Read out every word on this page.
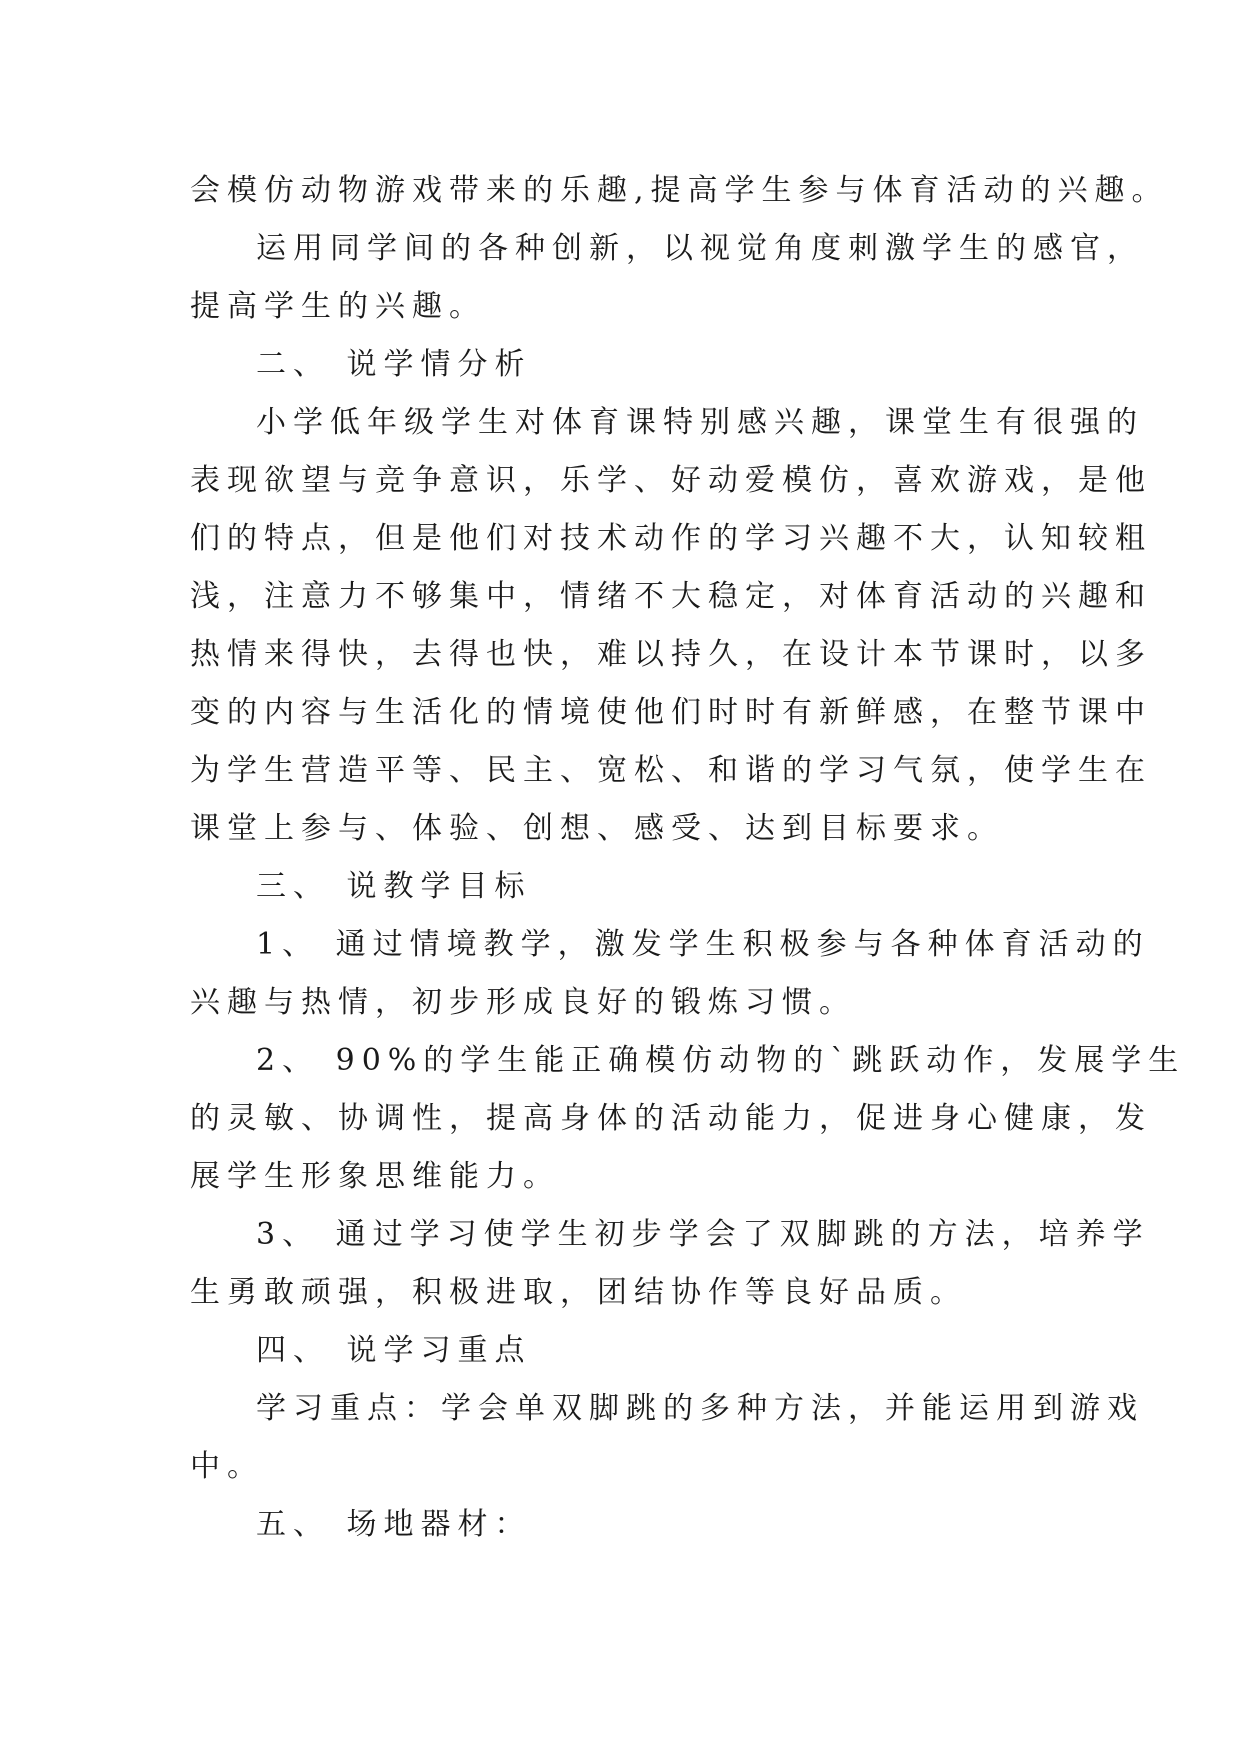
会模仿动物游戏带来的乐趣,提高学生参与体育活动的兴趣。
运用同学间的各种创新，以视觉角度刺激学生的感官，
提高学生的兴趣。
二、 说学情分析
小学低年级学生对体育课特别感兴趣，课堂生有很强的
表现欲望与竞争意识，乐学、好动爱模仿，喜欢游戏，是他
们的特点，但是他们对技术动作的学习兴趣不大，认知较粗
浅，注意力不够集中，情绪不大稳定，对体育活动的兴趣和
热情来得快，去得也快，难以持久，在设计本节课时，以多
变的内容与生活化的情境使他们时时有新鲜感，在整节课中
为学生营造平等、民主、宽松、和谐的学习气氛，使学生在
课堂上参与、体验、创想、感受、达到目标要求。
三、 说教学目标
1、 通过情境教学，激发学生积极参与各种体育活动的
兴趣与热情，初步形成良好的锻炼习惯。
2、 90%的学生能正确模仿动物的`跳跃动作，发展学生
的灵敏、协调性，提高身体的活动能力，促进身心健康，发
展学生形象思维能力。
3、 通过学习使学生初步学会了双脚跳的方法，培养学
生勇敢顽强，积极进取，团结协作等良好品质。
四、 说学习重点
学习重点：学会单双脚跳的多种方法，并能运用到游戏
中。
五、 场地器材：
